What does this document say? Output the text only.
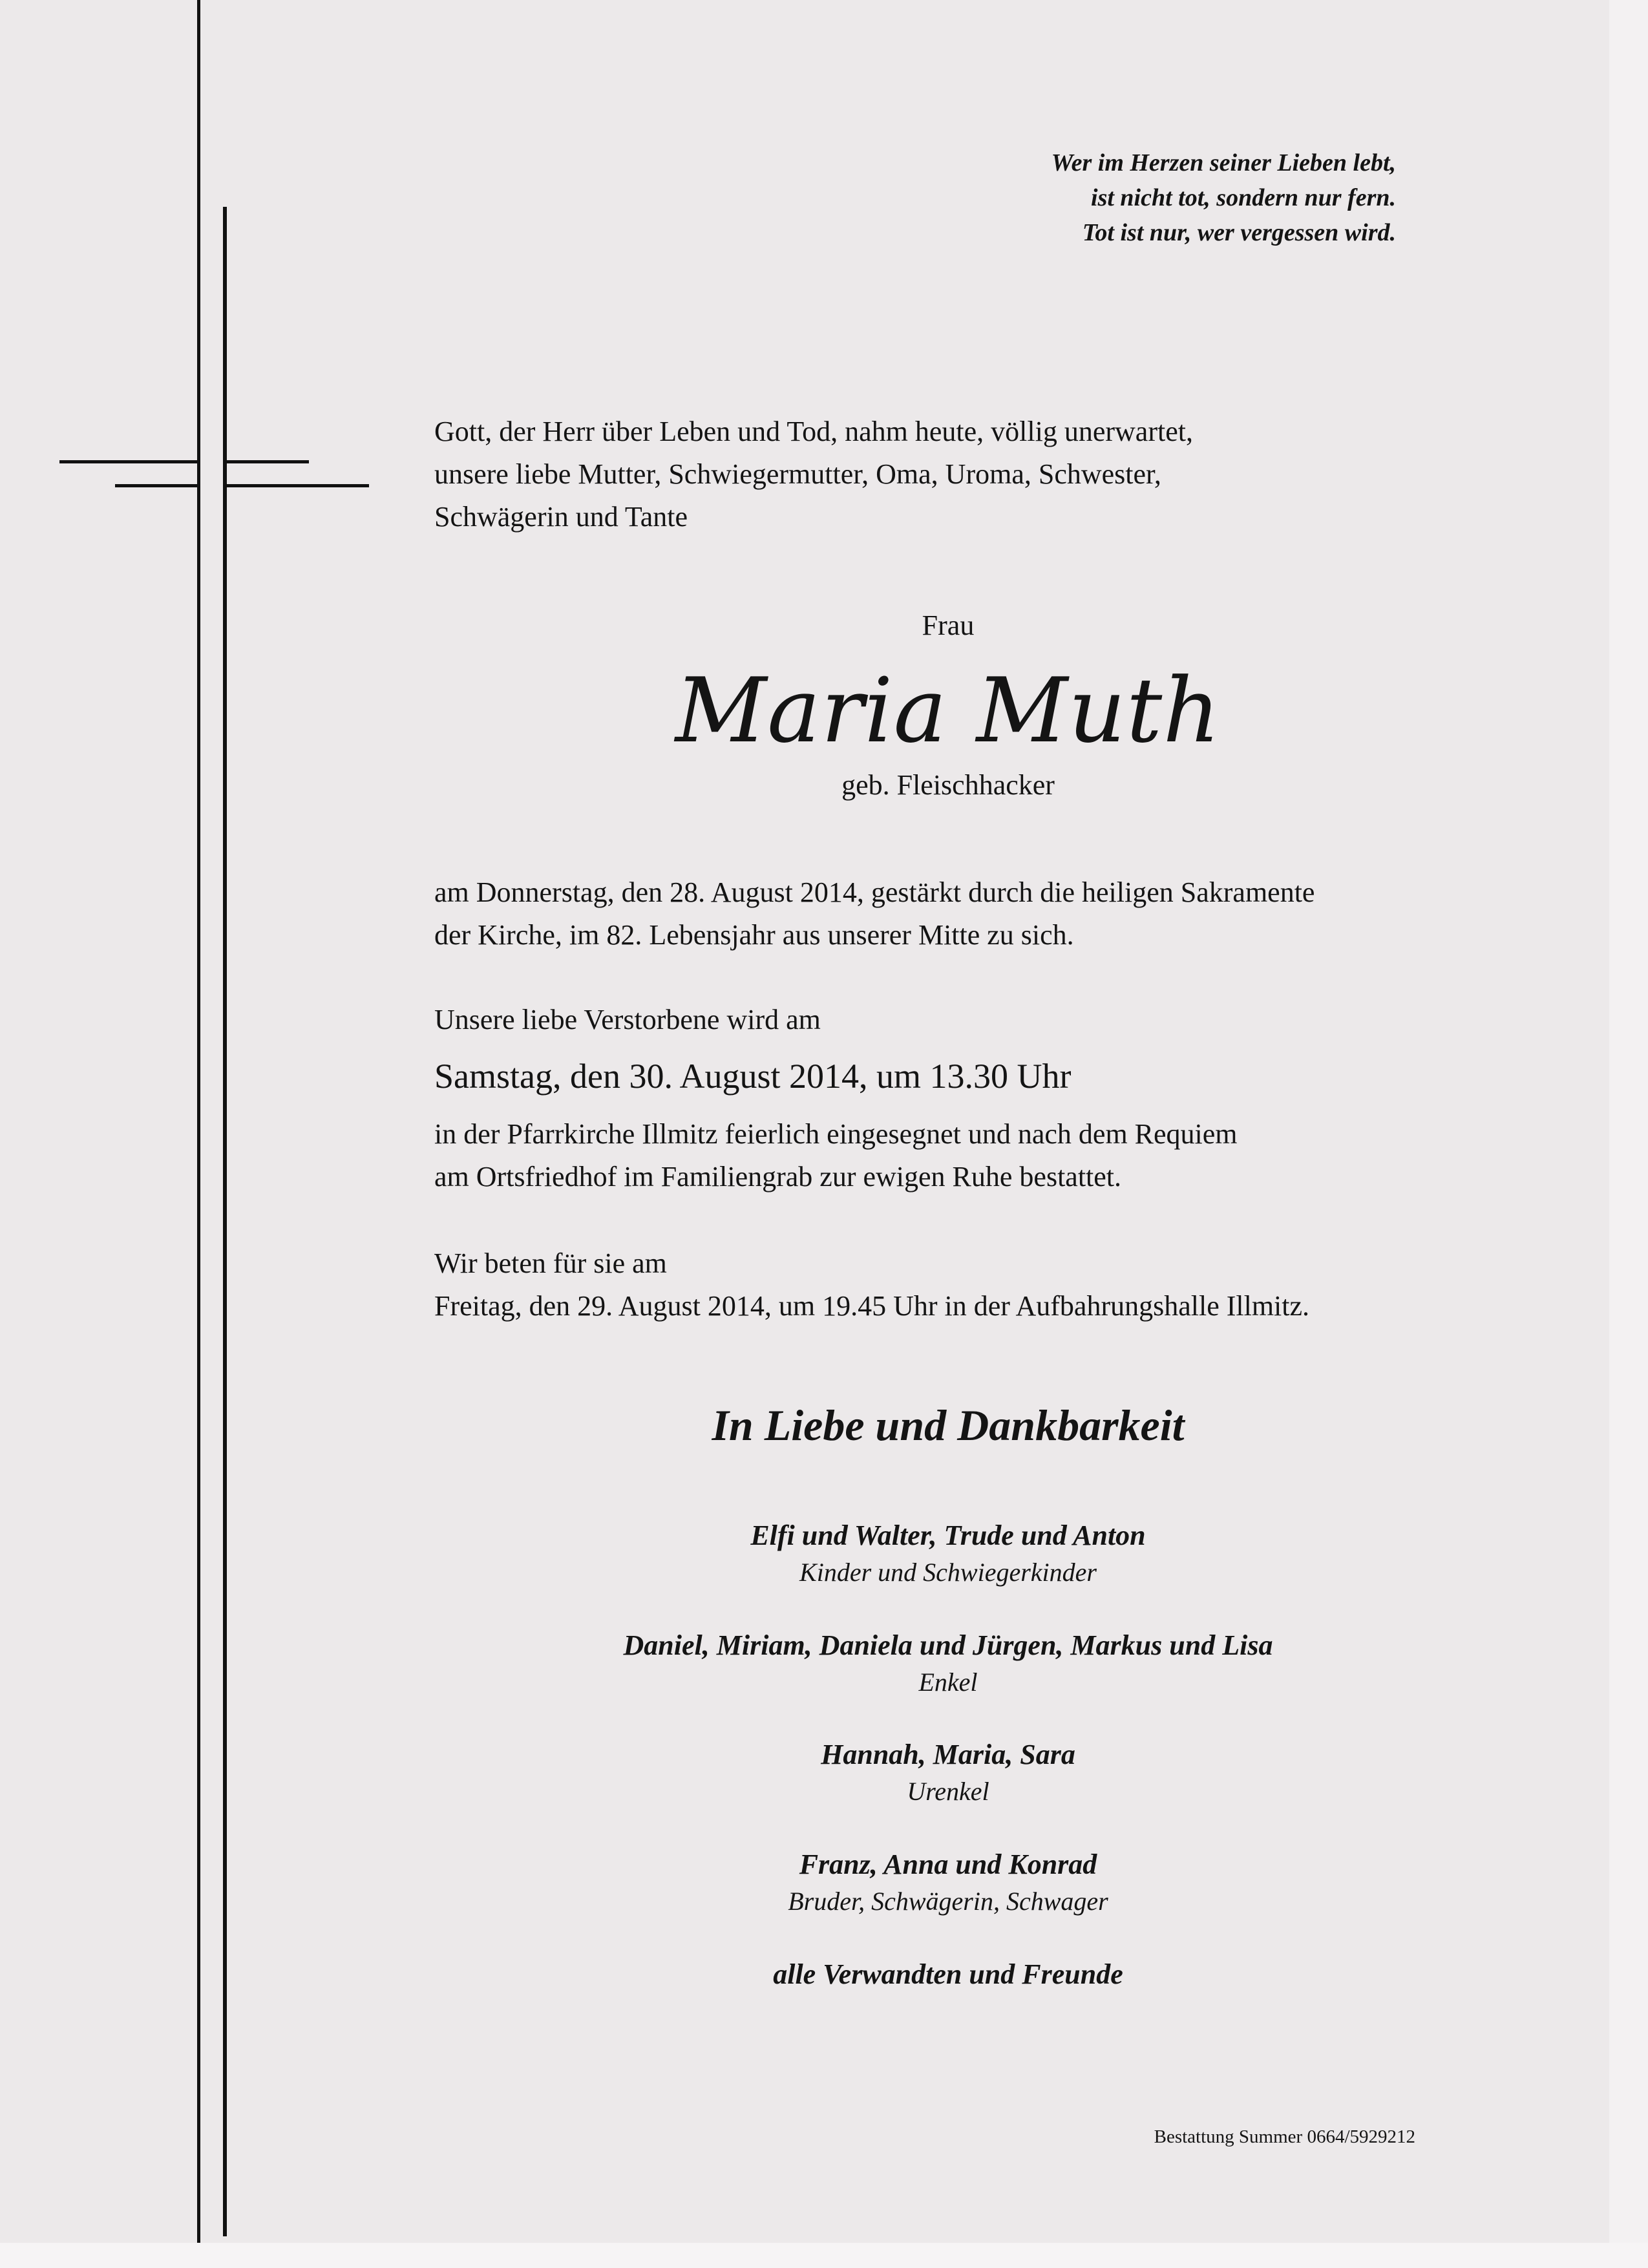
Wer im Herzen seiner Lieben lebt,
ist nicht tot, sondern nur fern.
Tot ist nur, wer vergessen wird.
Gott, der Herr über Leben und Tod, nahm heute, völlig unerwartet,
unsere liebe Mutter, Schwiegermutter, Oma, Uroma, Schwester,
Schwägerin und Tante
Frau
Maria Muth
geb. Fleischhacker
am Donnerstag, den 28. August 2014, gestärkt durch die heiligen Sakramente
der Kirche, im 82. Lebensjahr aus unserer Mitte zu sich.
Unsere liebe Verstorbene wird am
Samstag, den 30. August 2014, um 13.30 Uhr
in der Pfarrkirche Illmitz feierlich eingesegnet und nach dem Requiem
am Ortsfriedhof im Familiengrab zur ewigen Ruhe bestattet.
Wir beten für sie am
Freitag, den 29. August 2014, um 19.45 Uhr in der Aufbahrungshalle Illmitz.
In Liebe und Dankbarkeit
Elfi und Walter, Trude und Anton
Kinder und Schwiegerkinder
Daniel, Miriam, Daniela und Jürgen, Markus und Lisa
Enkel
Hannah, Maria, Sara
Urenkel
Franz, Anna und Konrad
Bruder, Schwägerin, Schwager
alle Verwandten und Freunde
Bestattung Summer 0664/5929212
